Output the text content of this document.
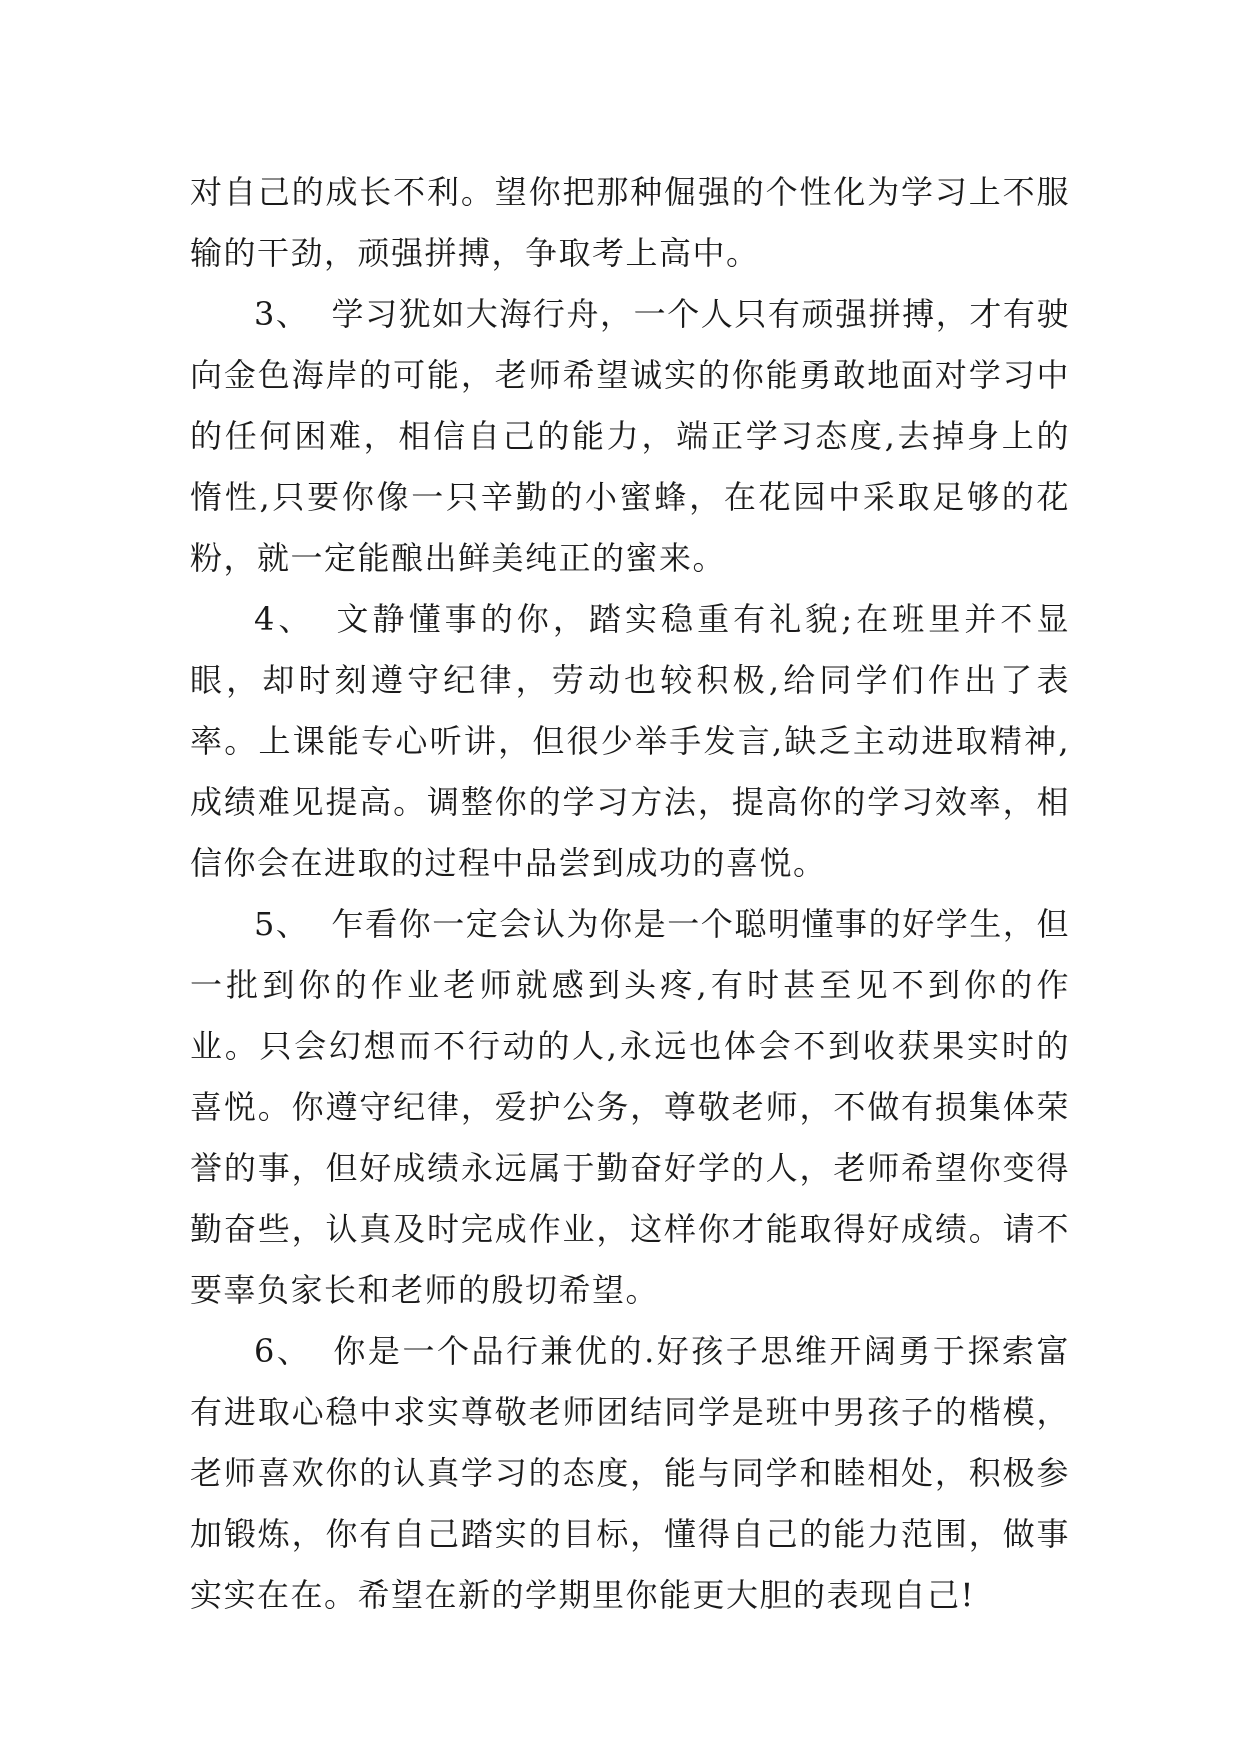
对自己的成长不利。望你把那种倔强的个性化为学习上不服输的干劲，顽强拼搏，争取考上高中。

3、 学习犹如大海行舟，一个人只有顽强拼搏，才有驶向金色海岸的可能，老师希望诚实的你能勇敢地面对学习中的任何困难，相信自己的能力，端正学习态度,去掉身上的惰性,只要你像一只辛勤的小蜜蜂，在花园中采取足够的花粉，就一定能酿出鲜美纯正的蜜来。

4、 文静懂事的你，踏实稳重有礼貌;在班里并不显眼，却时刻遵守纪律，劳动也较积极,给同学们作出了表率。上课能专心听讲，但很少举手发言,缺乏主动进取精神,成绩难见提高。调整你的学习方法，提高你的学习效率，相信你会在进取的过程中品尝到成功的喜悦。

5、 乍看你一定会认为你是一个聪明懂事的好学生，但一批到你的作业老师就感到头疼,有时甚至见不到你的作业。只会幻想而不行动的人,永远也体会不到收获果实时的喜悦。你遵守纪律，爱护公务，尊敬老师，不做有损集体荣誉的事，但好成绩永远属于勤奋好学的人，老师希望你变得勤奋些，认真及时完成作业，这样你才能取得好成绩。请不要辜负家长和老师的殷切希望。

6、 你是一个品行兼优的.好孩子思维开阔勇于探索富有进取心稳中求实尊敬老师团结同学是班中男孩子的楷模，老师喜欢你的认真学习的态度，能与同学和睦相处，积极参加锻炼，你有自己踏实的目标，懂得自己的能力范围，做事实实在在。希望在新的学期里你能更大胆的表现自己!
